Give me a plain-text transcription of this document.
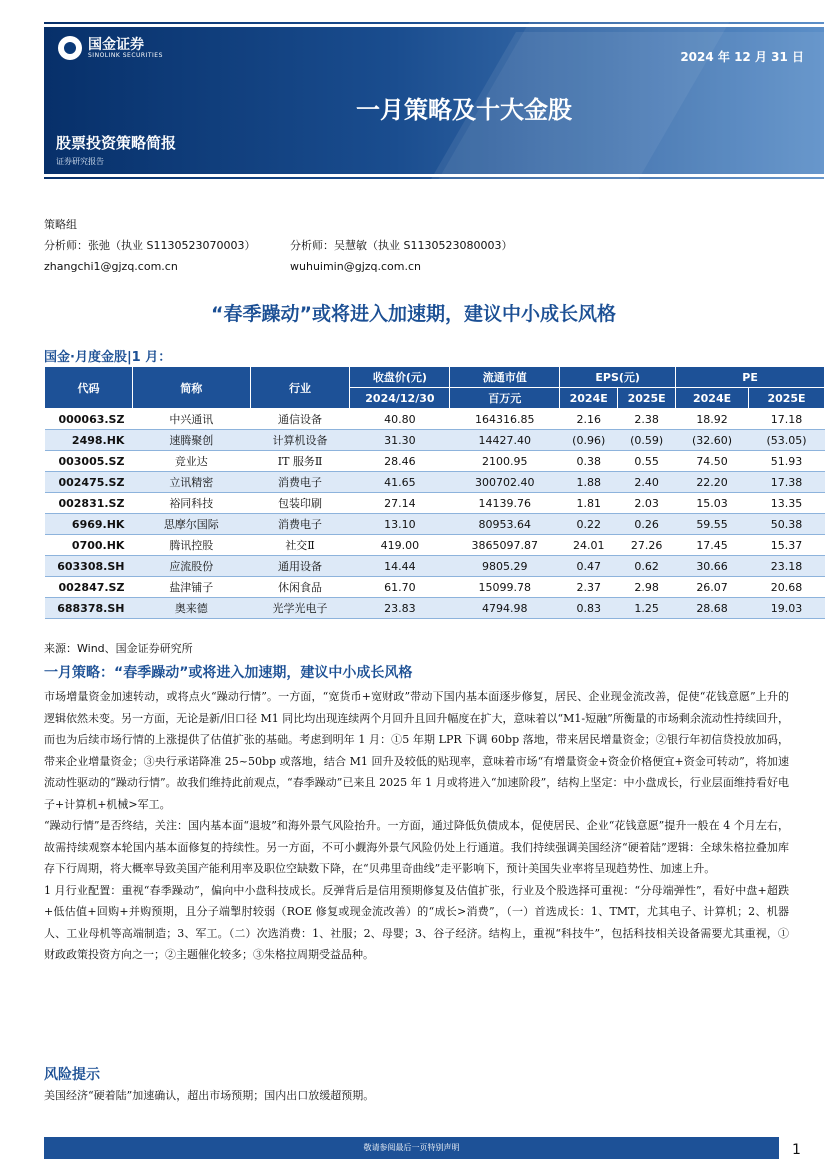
国金证券
SINOLINK SECURITIES	2024 年 12 月 31 日
一月策略及十大金股
股票投资策略简报
证券研究报告
策略组
分析师：张弛（执业 S1130523070003）	分析师：吴慧敏（执业 S1130523080003）
zhangchi1@gjzq.com.cn	wuhuimin@gjzq.com.cn
“春季躁动”或将进入加速期，建议中小成长风格
国金·月度金股|1 月：
代码	简称	行业	收盘价(元)	流通市值	EPS(元)		PE	
			2024/12/30	百万元	2024E	2025E	2024E	2025E
000063.SZ	中兴通讯	通信设备	40.80	164316.85	2.16	2.38	18.92	17.18
2498.HK	速腾聚创	计算机设备	31.30	14427.40	(0.96)	(0.59)	(32.60)	(53.05)
003005.SZ	竞业达	IT 服务Ⅱ	28.46	2100.95	0.38	0.55	74.50	51.93
002475.SZ	立讯精密	消费电子	41.65	300702.40	1.88	2.40	22.20	17.38
002831.SZ	裕同科技	包装印刷	27.14	14139.76	1.81	2.03	15.03	13.35
6969.HK	思摩尔国际	消费电子	13.10	80953.64	0.22	0.26	59.55	50.38
0700.HK	腾讯控股	社交Ⅱ	419.00	3865097.87	24.01	27.26	17.45	15.37
603308.SH	应流股份	通用设备	14.44	9805.29	0.47	0.62	30.66	23.18
002847.SZ	盐津铺子	休闲食品	61.70	15099.78	2.37	2.98	26.07	20.68
688378.SH	奥来德	光学光电子	23.83	4794.98	0.83	1.25	28.68	19.03
来源：Wind、国金证券研究所
一月策略：“春季躁动”或将进入加速期，建议中小成长风格

市场增量资金加速转动，或将点火“躁动行情”。一方面，“宽货币+宽财政”带动下国内基本面逐步修复，居民、企业现金流改善，促使“花钱意愿”上升的逻辑依然未变。另一方面，无论是新/旧口径 M1 同比均出现连续两个月回升且回升幅度在扩大，意味着以“M1-短融”所衡量的市场剩余流动性持续回升，而也为后续市场行情的上涨提供了估值扩张的基础。考虑到明年 1 月：①5 年期 LPR 下调 60bp 落地，带来居民增量资金；②银行年初信贷投放加码，带来企业增量资金；③央行承诺降准 25~50bp 或落地，结合 M1 回升及较低的贴现率，意味着市场“有增量资金+资金价格便宜+资金可转动”，将加速流动性驱动的“躁动行情”。故我们维持此前观点，“春季躁动”已来且 2025 年 1 月或将进入“加速阶段”，结构上坚定：中小盘成长，行业层面维持看好电子+计算机+机械>军工。

“躁动行情”是否终结，关注：国内基本面“退坡”和海外景气风险抬升。一方面，通过降低负债成本，促使居民、企业“花钱意愿”提升一般在 4 个月左右，故需持续观察本轮国内基本面修复的持续性。另一方面，不可小觑海外景气风险仍处上行通道。我们持续强调美国经济“硬着陆”逻辑：全球朱格拉叠加库存下行周期，将大概率导致美国产能利用率及职位空缺数下降，在“贝弗里奇曲线”走平影响下，预计美国失业率将呈现趋势性、加速上升。

1 月行业配置：重视“春季躁动”，偏向中小盘科技成长。反弹背后是信用预期修复及估值扩张，行业及个股选择可重视：“分母端弹性”，看好中盘+超跌+低估值+回购+并购预期，且分子端掣肘较弱（ROE 修复或现金流改善）的“成长>消费”，（一）首选成长：1、TMT，尤其电子、计算机；2、机器人、工业母机等高端制造；3、军工。（二）次选消费：1、社服；2、母婴；3、谷子经济。结构上，重视“科技牛”，包括科技相关设备需要尤其重视，①财政政策投资方向之一；②主题催化较多；③朱格拉周期受益品种。

风险提示

美国经济“硬着陆”加速确认，超出市场预期；国内出口放缓超预期。

敬请参阅最后一页特别声明	1
